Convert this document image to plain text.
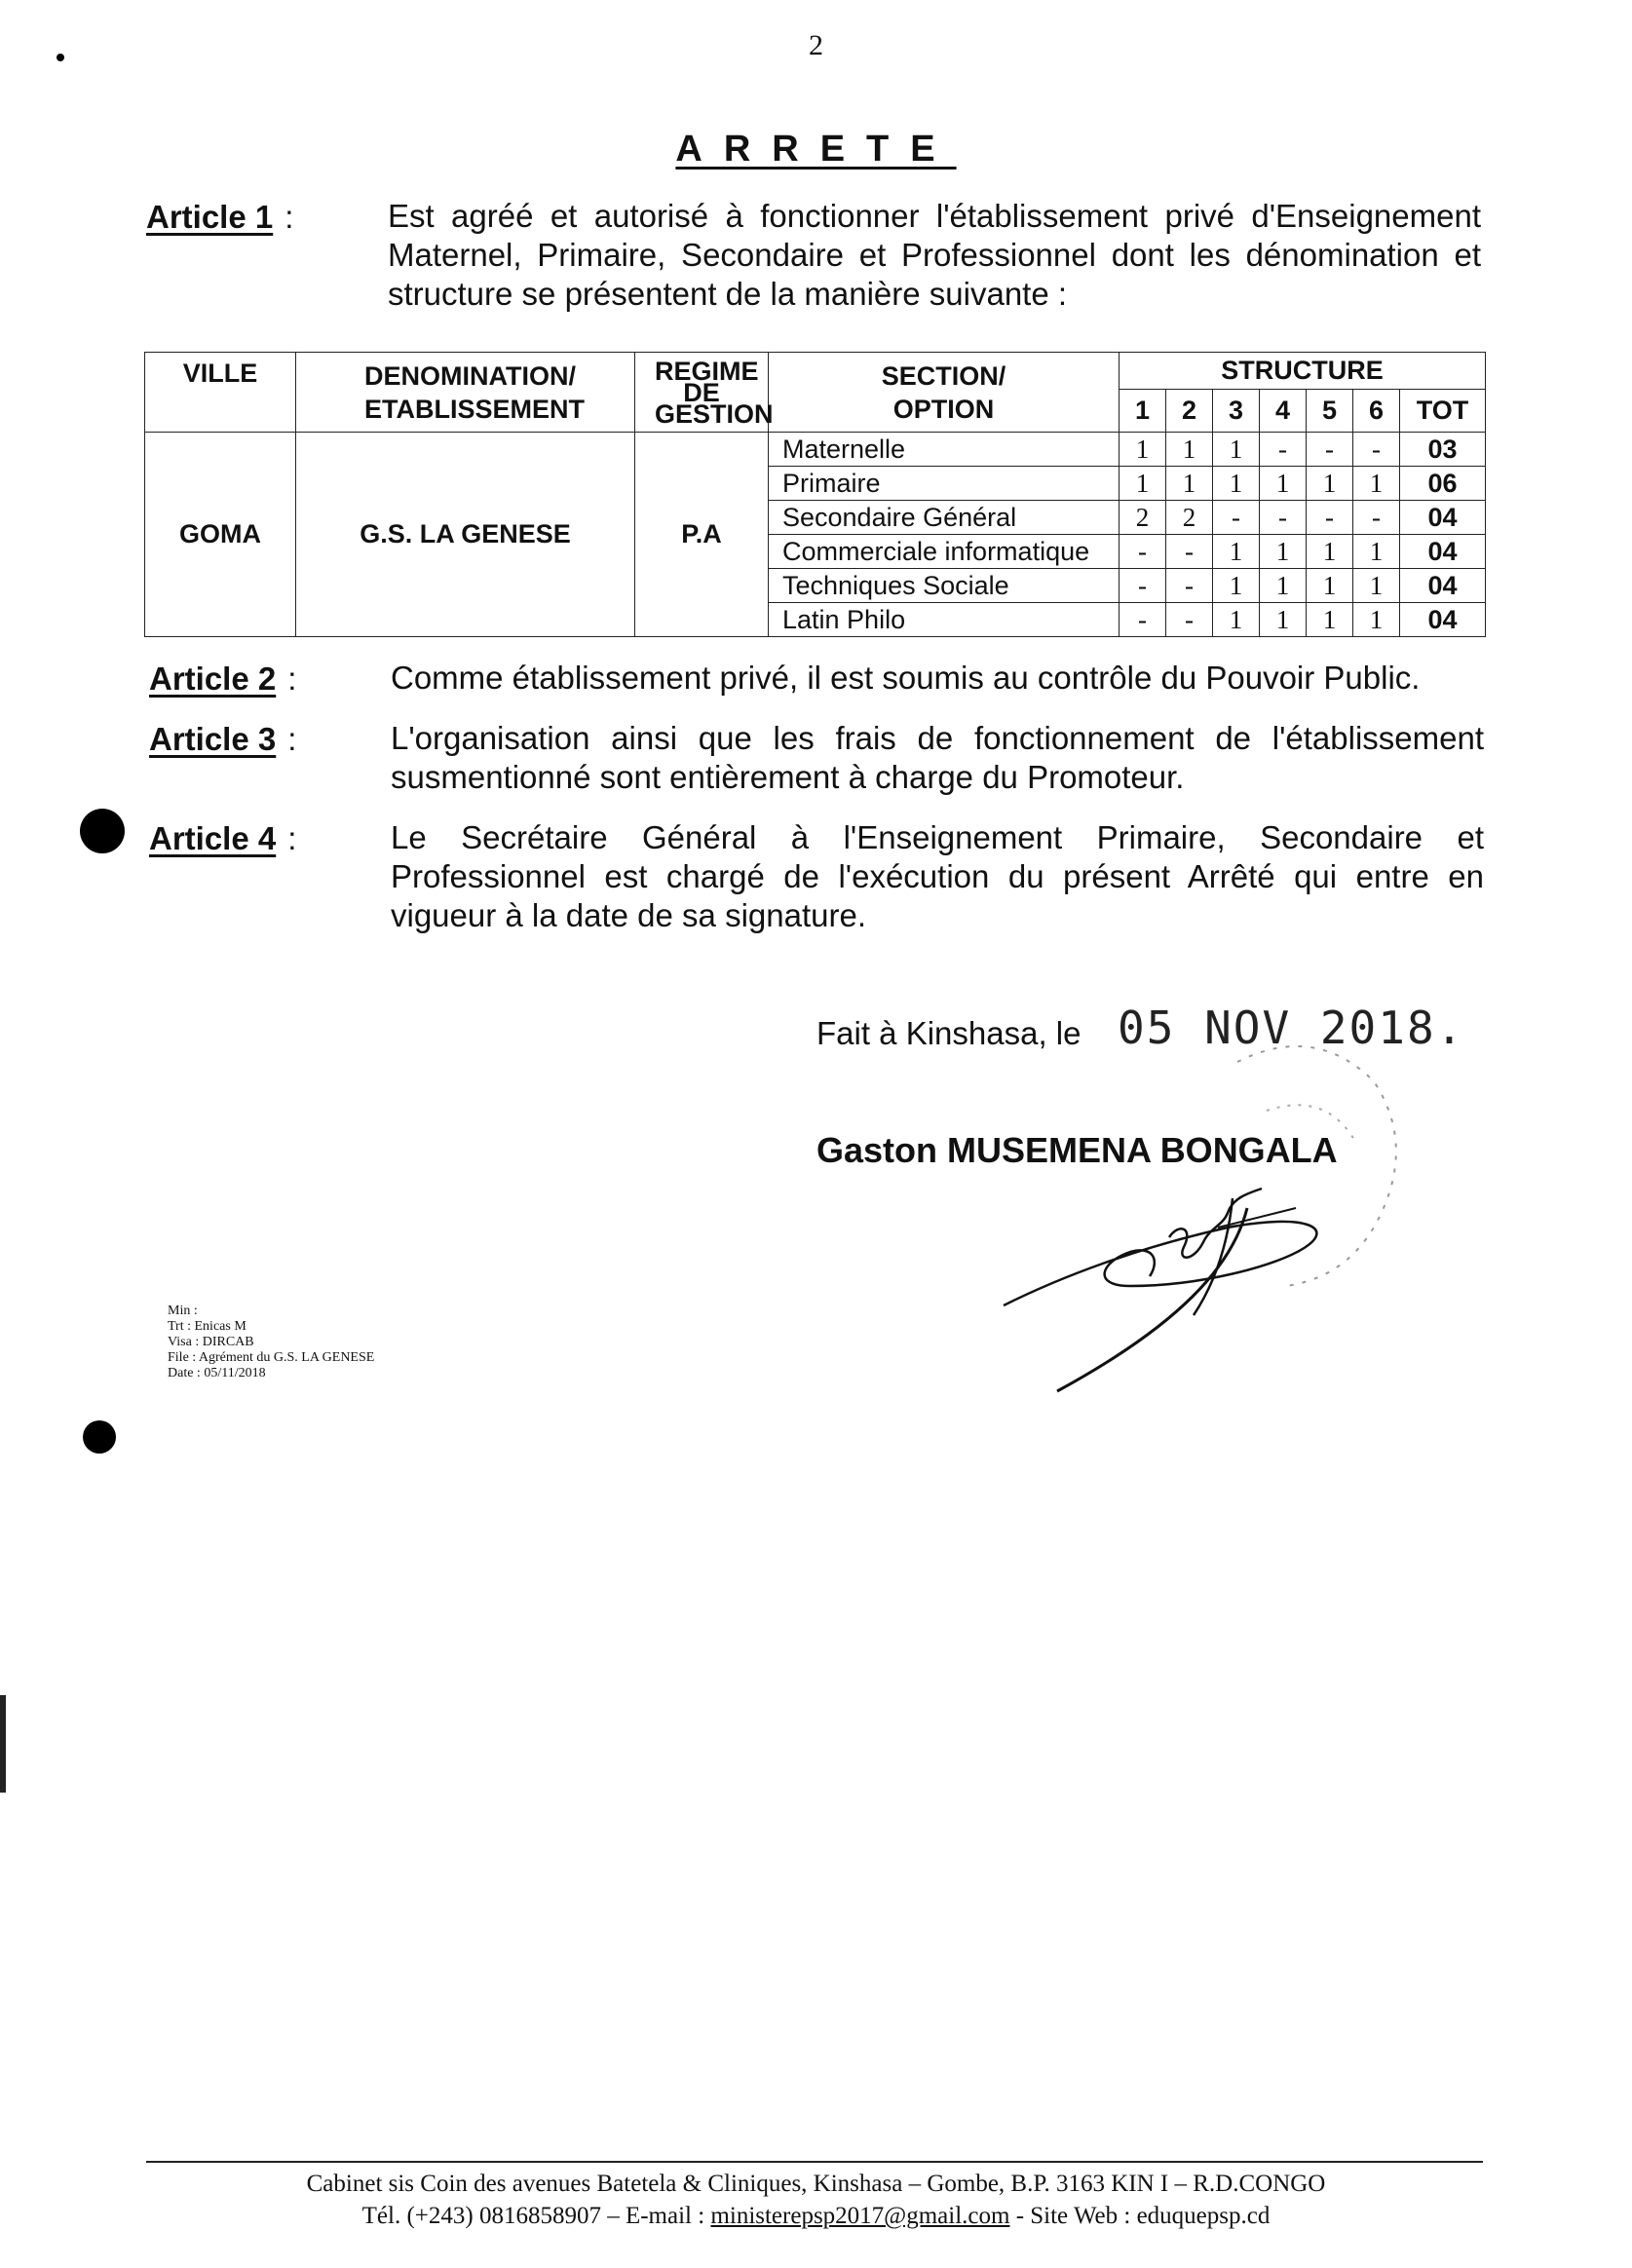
2
ARRETE
Article 1 :	Est agréé et autorisé à fonctionner l'établissement privé d'Enseignement Maternel, Primaire, Secondaire et Professionnel dont les dénomination et structure se présentent de la manière suivante :
VILLE	DENOMINATION/ ETABLISSEMENT	REGIME DE GESTION	SECTION/ OPTION	STRUCTURE						
				1	2	3	4	5	6	TOT
GOMA	G.S. LA GENESE	P.A	Maternelle	1	1	1	-	-	-	03
			Primaire	1	1	1	1	1	1	06
			Secondaire Général	2	2	-	-	-	-	04
			Commerciale informatique	-	-	1	1	1	1	04
			Techniques Sociale	-	-	1	1	1	1	04
			Latin Philo	-	-	1	1	1	1	04
Article 2 :	Comme établissement privé, il est soumis au contrôle du Pouvoir Public.
Article 3 :	L'organisation ainsi que les frais de fonctionnement de l'établissement susmentionné sont entièrement à charge du Promoteur.
Article 4 :	Le Secrétaire Général à l'Enseignement Primaire, Secondaire et Professionnel est chargé de l'exécution du présent Arrêté qui entre en vigueur à la date de sa signature.
Fait à Kinshasa, le 05 NOV 2018.
Gaston MUSEMENA BONGALA
Min :
Trt : Enicas M
Visa : DIRCAB
File : Agrément du G.S. LA GENESE
Date : 05/11/2018
Cabinet sis Coin des avenues Batetela & Cliniques, Kinshasa – Gombe, B.P. 3163 KIN I – R.D.CONGO
Tél. (+243) 0816858907 – E-mail : ministerepsp2017@gmail.com - Site Web : eduquepsp.cd
